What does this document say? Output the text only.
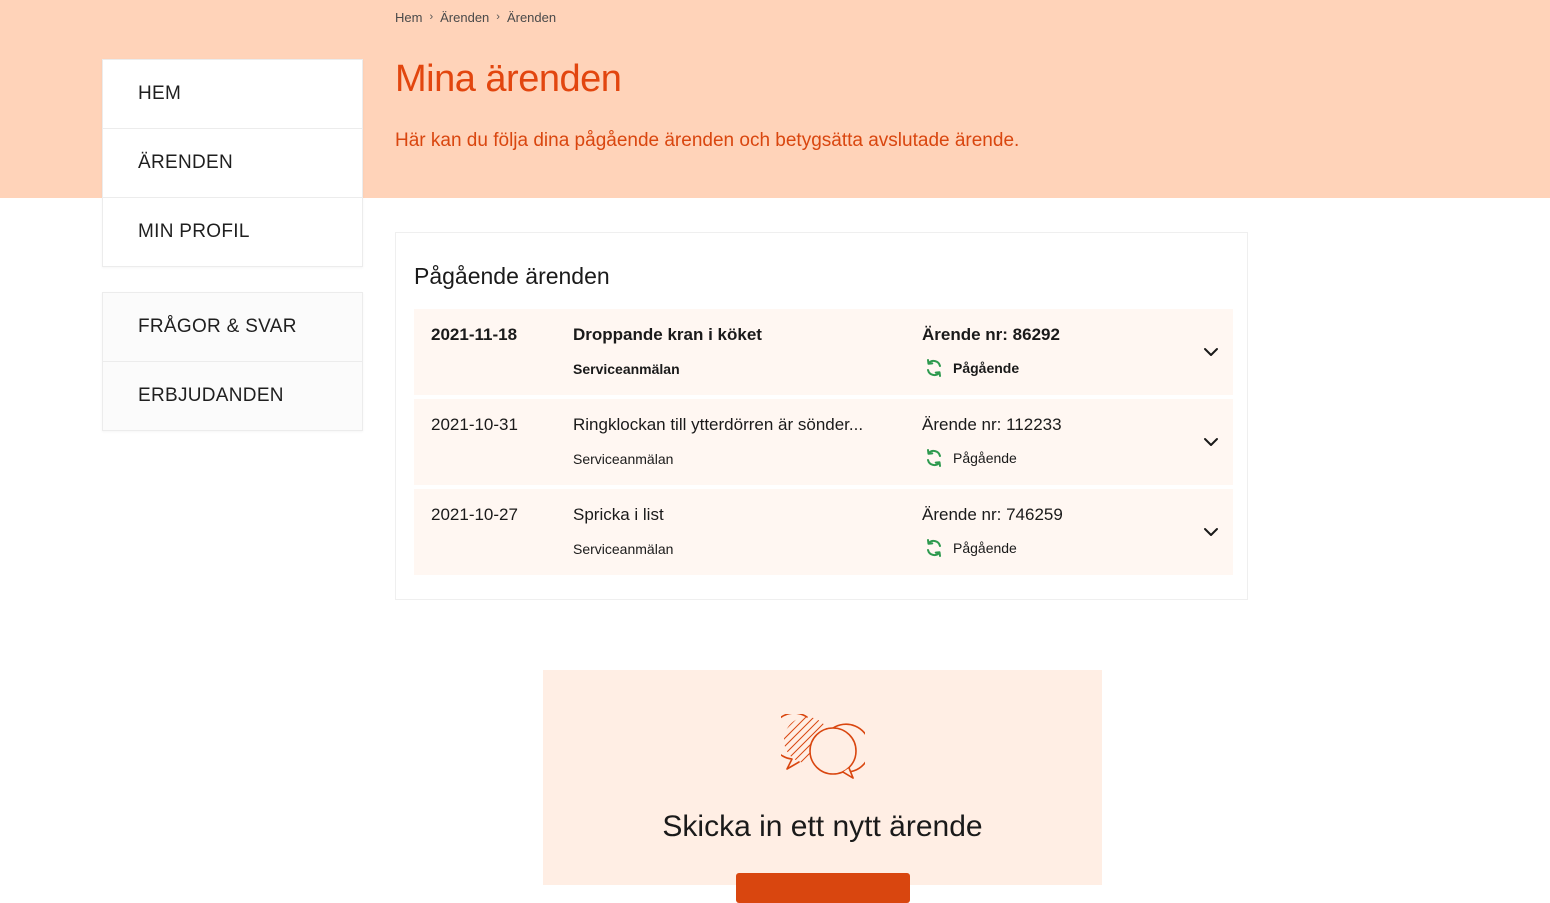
Hem › Ärenden › Ärenden
Mina ärenden

Här kan du följa dina pågående ärenden och betygsätta avslutade ärende.

HEM
ÄRENDEN
MIN PROFIL
FRÅGOR & SVAR
ERBJUDANDEN
Pågående ärenden
2021-11-18	Droppande kran i köket
Serviceanmälan
Ärende nr: 86292
Pågående
2021-10-31	Ringklockan till ytterdörren är sönder...
Serviceanmälan
Ärende nr: 112233
Pågående
2021-10-27	Spricka i list
Serviceanmälan
Ärende nr: 746259
Pågående
Skicka in ett nytt ärende
